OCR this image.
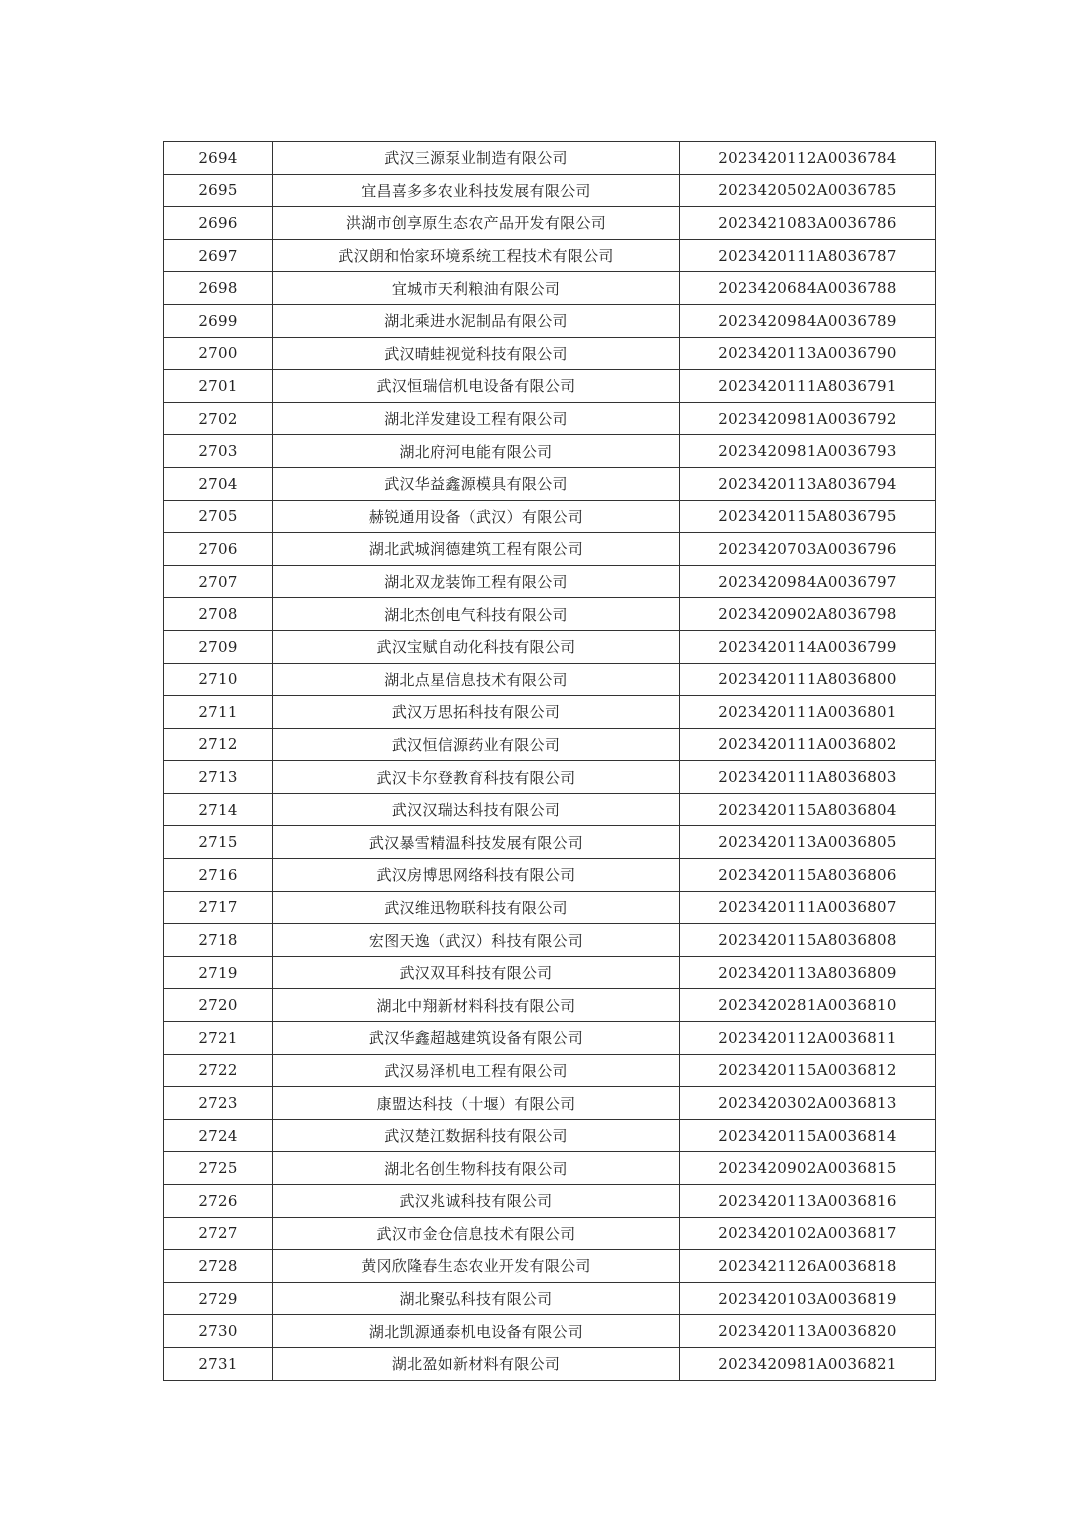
2694	武汉三源泵业制造有限公司	2023420112A0036784
2695	宜昌喜多多农业科技发展有限公司	2023420502A0036785
2696	洪湖市创享原生态农产品开发有限公司	2023421083A0036786
2697	武汉朗和怡家环境系统工程技术有限公司	2023420111A8036787
2698	宜城市天利粮油有限公司	2023420684A0036788
2699	湖北乘进水泥制品有限公司	2023420984A0036789
2700	武汉晴蛙视觉科技有限公司	2023420113A0036790
2701	武汉恒瑞信机电设备有限公司	2023420111A8036791
2702	湖北洋发建设工程有限公司	2023420981A0036792
2703	湖北府河电能有限公司	2023420981A0036793
2704	武汉华益鑫源模具有限公司	2023420113A8036794
2705	赫锐通用设备（武汉）有限公司	2023420115A8036795
2706	湖北武城润德建筑工程有限公司	2023420703A0036796
2707	湖北双龙装饰工程有限公司	2023420984A0036797
2708	湖北杰创电气科技有限公司	2023420902A8036798
2709	武汉宝赋自动化科技有限公司	2023420114A0036799
2710	湖北点星信息技术有限公司	2023420111A8036800
2711	武汉万思拓科技有限公司	2023420111A0036801
2712	武汉恒信源药业有限公司	2023420111A0036802
2713	武汉卡尔登教育科技有限公司	2023420111A8036803
2714	武汉汉瑞达科技有限公司	2023420115A8036804
2715	武汉暴雪精温科技发展有限公司	2023420113A0036805
2716	武汉房博思网络科技有限公司	2023420115A8036806
2717	武汉维迅物联科技有限公司	2023420111A0036807
2718	宏图天逸（武汉）科技有限公司	2023420115A8036808
2719	武汉双耳科技有限公司	2023420113A8036809
2720	湖北中翔新材料科技有限公司	2023420281A0036810
2721	武汉华鑫超越建筑设备有限公司	2023420112A0036811
2722	武汉易泽机电工程有限公司	2023420115A0036812
2723	康盟达科技（十堰）有限公司	2023420302A0036813
2724	武汉楚江数据科技有限公司	2023420115A0036814
2725	湖北名创生物科技有限公司	2023420902A0036815
2726	武汉兆诚科技有限公司	2023420113A0036816
2727	武汉市金仓信息技术有限公司	2023420102A0036817
2728	黄冈欣隆春生态农业开发有限公司	2023421126A0036818
2729	湖北聚弘科技有限公司	2023420103A0036819
2730	湖北凯源通泰机电设备有限公司	2023420113A0036820
2731	湖北盈如新材料有限公司	2023420981A0036821
